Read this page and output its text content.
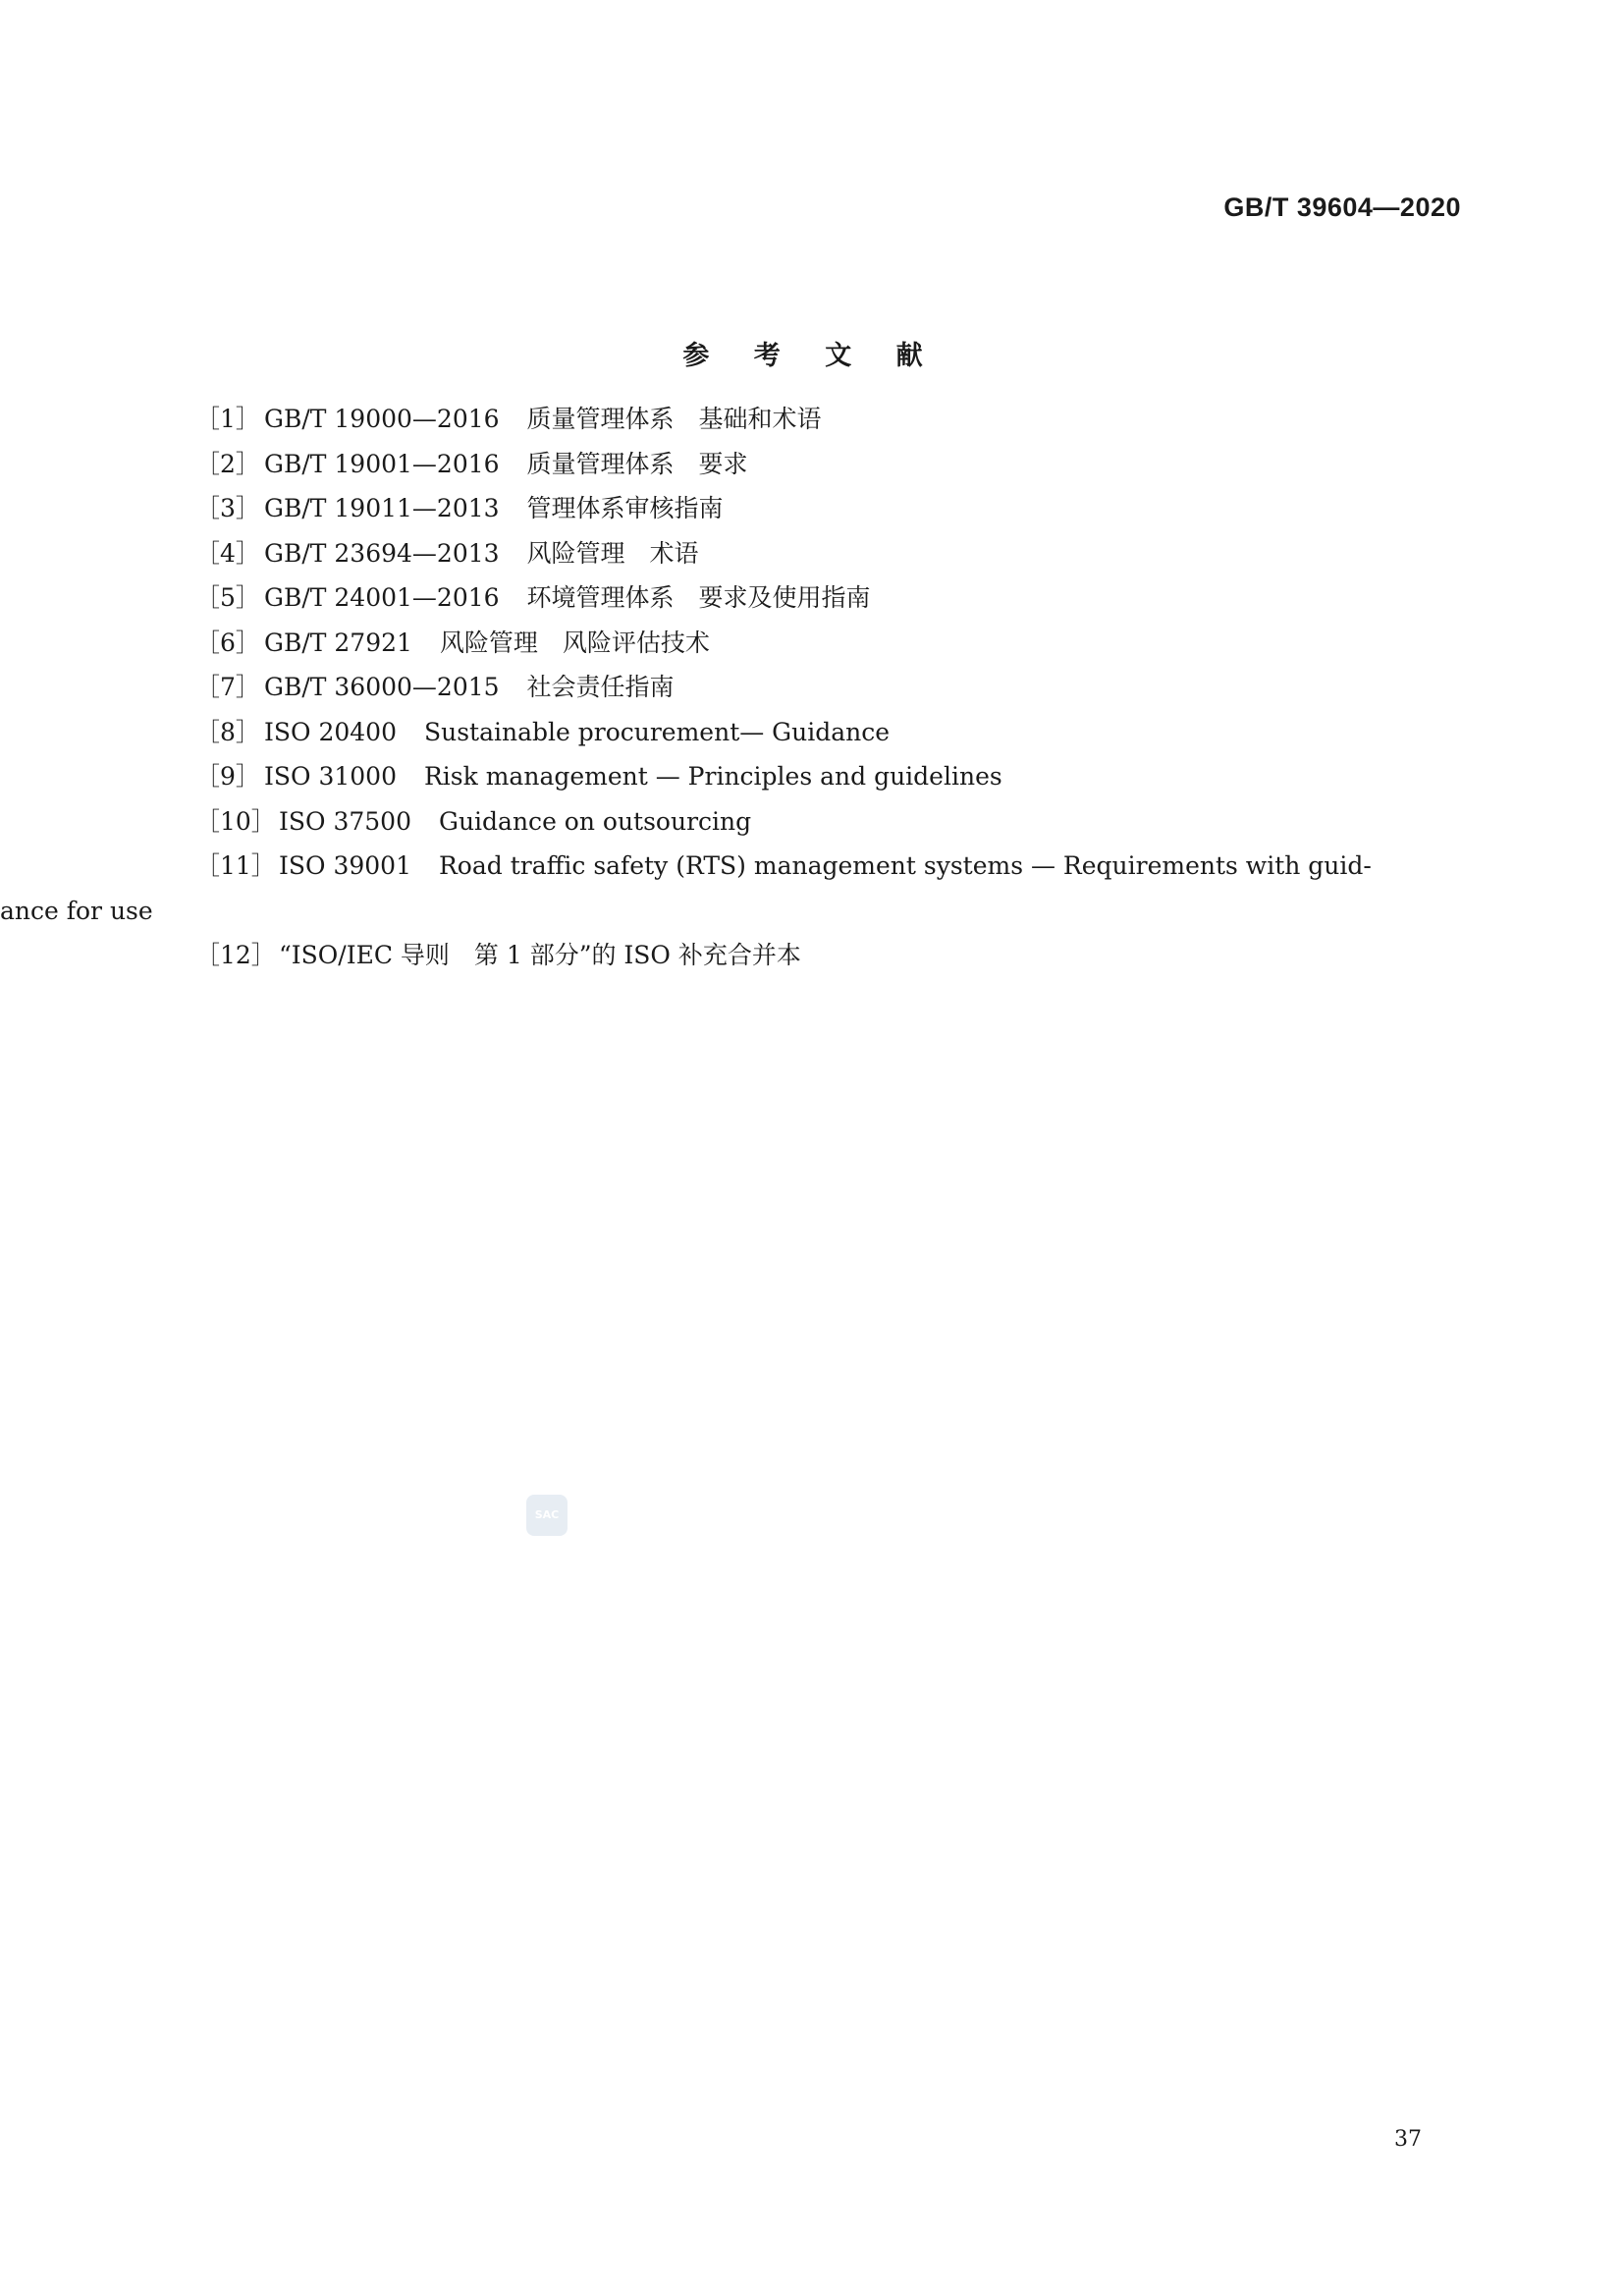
GB/T 39604—2020
参 考 文 献
［1］ GB/T 19000—2016 质量管理体系　基础和术语
［2］ GB/T 19001—2016 质量管理体系　要求
［3］ GB/T 19011—2013 管理体系审核指南
［4］ GB/T 23694—2013 风险管理　术语
［5］ GB/T 24001—2016 环境管理体系　要求及使用指南
［6］ GB/T 27921 风险管理　风险评估技术
［7］ GB/T 36000—2015 社会责任指南
［8］ ISO 20400 Sustainable procurement— Guidance
［9］ ISO 31000 Risk management — Principles and guidelines
［10］ ISO 37500 Guidance on outsourcing
［11］ ISO 39001 Road traffic safety (RTS) management systems — Requirements with guid-
ance for use
［12］ “ISO/IEC 导则　第 1 部分”的 ISO 补充合并本
SAC
37
